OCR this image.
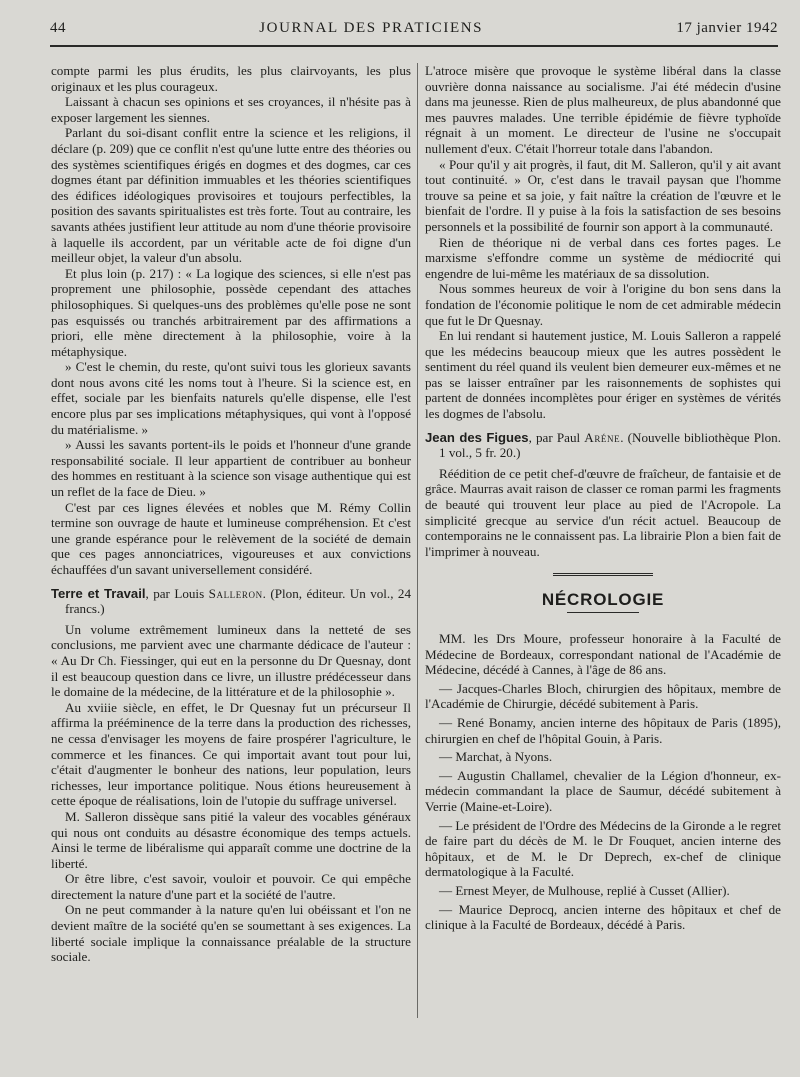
44	JOURNAL DES PRATICIENS	17 janvier 1942

compte parmi les plus érudits, les plus clairvoyants, les plus originaux et les plus courageux.

Laissant à chacun ses opinions et ses croyances, il n'hésite pas à exposer largement les siennes.

Parlant du soi-disant conflit entre la science et les religions, il déclare (p. 209) que ce conflit n'est qu'une lutte entre des théories ou des systèmes scientifiques érigés en dogmes et des dogmes, car ces dogmes étant par définition immuables et les théories scientifiques des édifices idéologiques provisoires et toujours perfectibles, la position des savants spiritualistes est très forte. Tout au contraire, les savants athées justifient leur attitude au nom d'une théorie provisoire à laquelle ils accordent, par un véritable acte de foi digne d'un meilleur objet, la valeur d'un absolu.

Et plus loin (p. 217) : « La logique des sciences, si elle n'est pas proprement une philosophie, possède cependant des attaches philosophiques. Si quelques-uns des problèmes qu'elle pose ne sont pas esquissés ou tranchés arbitrairement par des affirmations a priori, elle mène directement à la philosophie, voire à la métaphysique.

» C'est le chemin, du reste, qu'ont suivi tous les glorieux savants dont nous avons cité les noms tout à l'heure. Si la science est, en effet, sociale par les bienfaits naturels qu'elle dispense, elle l'est encore plus par ses implications métaphysiques, qui vont à l'opposé du matérialisme. »

» Aussi les savants portent-ils le poids et l'honneur d'une grande responsabilité sociale. Il leur appartient de contribuer au bonheur des hommes en restituant à la science son visage authentique qui est un reflet de la face de Dieu. »

C'est par ces lignes élevées et nobles que M. Rémy Collin termine son ouvrage de haute et lumineuse compréhension. Et c'est une grande espérance pour le relèvement de la société de demain que ces pages annonciatrices, vigoureuses et aux convictions échauffées d'un savant universellement considéré.

Terre et Travail, par Louis Salleron. (Plon, éditeur. Un vol., 24 francs.)

Un volume extrêmement lumineux dans la netteté de ses conclusions, me parvient avec une charmante dédicace de l'auteur : « Au Dr Ch. Fiessinger, qui eut en la personne du Dr Quesnay, dont il est beaucoup question dans ce livre, un illustre prédécesseur dans le domaine de la médecine, de la littérature et de la philosophie ».

Au xviiie siècle, en effet, le Dr Quesnay fut un précurseur Il affirma la prééminence de la terre dans la production des richesses, ne cessa d'envisager les moyens de faire prospérer l'agriculture, le commerce et les finances. Ce qui importait avant tout pour lui, c'était d'augmenter le bonheur des nations, leur population, leurs richesses, leur importance politique. Nous étions heureusement à cette époque de réalisations, loin de l'utopie du suffrage universel.

M. Salleron dissèque sans pitié la valeur des vocables généraux qui nous ont conduits au désastre économique des temps actuels. Ainsi le terme de libéralisme qui apparaît comme une doctrine de la liberté.

Or être libre, c'est savoir, vouloir et pouvoir. Ce qui empêche directement la nature d'une part et la société de l'autre.

On ne peut commander à la nature qu'en lui obéissant et l'on ne devient maître de la société qu'en se soumettant à ses exigences. La liberté sociale implique la connaissance préalable de la structure sociale.

L'atroce misère que provoque le système libéral dans la classe ouvrière donna naissance au socialisme. J'ai été médecin d'usine dans ma jeunesse. Rien de plus malheureux, de plus abandonné que mes pauvres malades. Une terrible épidémie de fièvre typhoïde régnait à un moment. Le directeur de l'usine ne s'occupait nullement d'eux. C'était l'horreur totale dans l'abandon.

« Pour qu'il y ait progrès, il faut, dit M. Salleron, qu'il y ait avant tout continuité. » Or, c'est dans le travail paysan que l'homme trouve sa peine et sa joie, y fait naître la création de l'œuvre et le bienfait de l'ordre. Il y puise à la fois la satisfaction de ses besoins personnels et la possibilité de fournir son apport à la communauté.

Rien de théorique ni de verbal dans ces fortes pages. Le marxisme s'effondre comme un système de médiocrité qui engendre de lui-même les matériaux de sa dissolution.

Nous sommes heureux de voir à l'origine du bon sens dans la fondation de l'économie politique le nom de cet admirable médecin que fut le Dr Quesnay.

En lui rendant si hautement justice, M. Louis Salleron a rappelé que les médecins beaucoup mieux que les autres possèdent le sentiment du réel quand ils veulent bien demeurer eux-mêmes et ne pas se laisser entraîner par les raisonnements de sophistes qui partent de données incomplètes pour ériger en systèmes de vérités les dogmes de l'absolu.

Jean des Figues, par Paul Aréne. (Nouvelle bibliothèque Plon. 1 vol., 5 fr. 20.)

Réédition de ce petit chef-d'œuvre de fraîcheur, de fantaisie et de grâce. Maurras avait raison de classer ce roman parmi les fragments de beauté qui trouvent leur place au pied de l'Acropole. La simplicité grecque au service d'un récit actuel. Beaucoup de contemporains ne le connaissent pas. La librairie Plon a bien fait de l'imprimer à nouveau.

NÉCROLOGIE

MM. les Drs Moure, professeur honoraire à la Faculté de Médecine de Bordeaux, correspondant national de l'Académie de Médecine, décédé à Cannes, à l'âge de 86 ans.

— Jacques-Charles Bloch, chirurgien des hôpitaux, membre de l'Académie de Chirurgie, décédé subitement à Paris.

— René Bonamy, ancien interne des hôpitaux de Paris (1895), chirurgien en chef de l'hôpital Gouin, à Paris.

— Marchat, à Nyons.

— Augustin Challamel, chevalier de la Légion d'honneur, ex-médecin commandant la place de Saumur, décédé subitement à Verrie (Maine-et-Loire).

— Le président de l'Ordre des Médecins de la Gironde a le regret de faire part du décès de M. le Dr Fouquet, ancien interne des hôpitaux, et de M. le Dr Deprech, ex-chef de clinique dermatologique à la Faculté.

— Ernest Meyer, de Mulhouse, replié à Cusset (Allier).

— Maurice Deprocq, ancien interne des hôpitaux et chef de clinique à la Faculté de Bordeaux, décédé à Paris.
